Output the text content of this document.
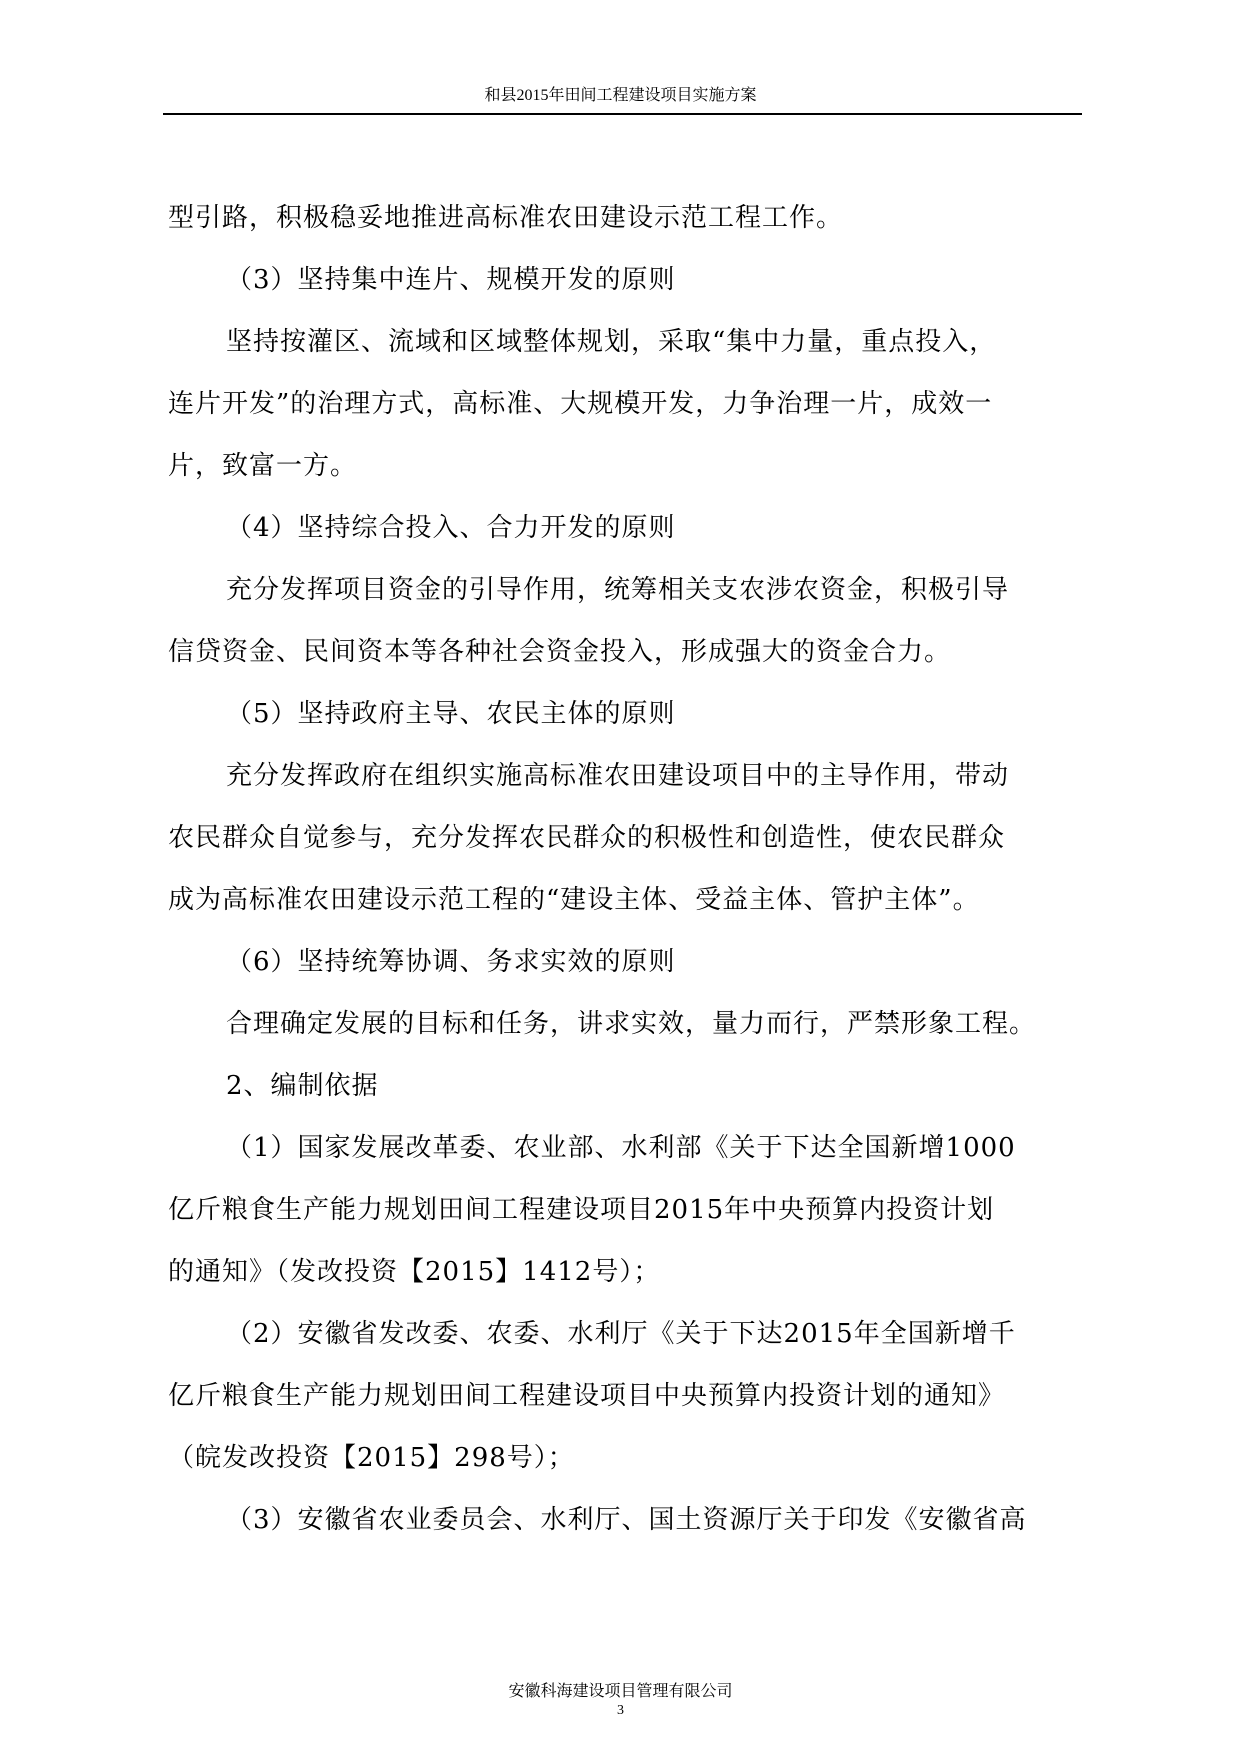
和县2015年田间工程建设项目实施方案
型引路，积极稳妥地推进高标准农田建设示范工程工作。
（3）坚持集中连片、规模开发的原则
坚持按灌区、流域和区域整体规划，采取“集中力量，重点投入，
连片开发”的治理方式，高标准、大规模开发，力争治理一片，成效一
片，致富一方。
（4）坚持综合投入、合力开发的原则
充分发挥项目资金的引导作用，统筹相关支农涉农资金，积极引导
信贷资金、民间资本等各种社会资金投入，形成强大的资金合力。
（5）坚持政府主导、农民主体的原则
充分发挥政府在组织实施高标准农田建设项目中的主导作用，带动
农民群众自觉参与，充分发挥农民群众的积极性和创造性，使农民群众
成为高标准农田建设示范工程的“建设主体、受益主体、管护主体”。
（6）坚持统筹协调、务求实效的原则
合理确定发展的目标和任务，讲求实效，量力而行，严禁形象工程。
2、编制依据
（1）国家发展改革委、农业部、水利部《关于下达全国新增1000
亿斤粮食生产能力规划田间工程建设项目2015年中央预算内投资计划
的通知》（发改投资【2015】1412号）；
（2）安徽省发改委、农委、水利厅《关于下达2015年全国新增千
亿斤粮食生产能力规划田间工程建设项目中央预算内投资计划的通知》
（皖发改投资【2015】298号）；
（3）安徽省农业委员会、水利厅、国土资源厅关于印发《安徽省高
安徽科海建设项目管理有限公司
3
